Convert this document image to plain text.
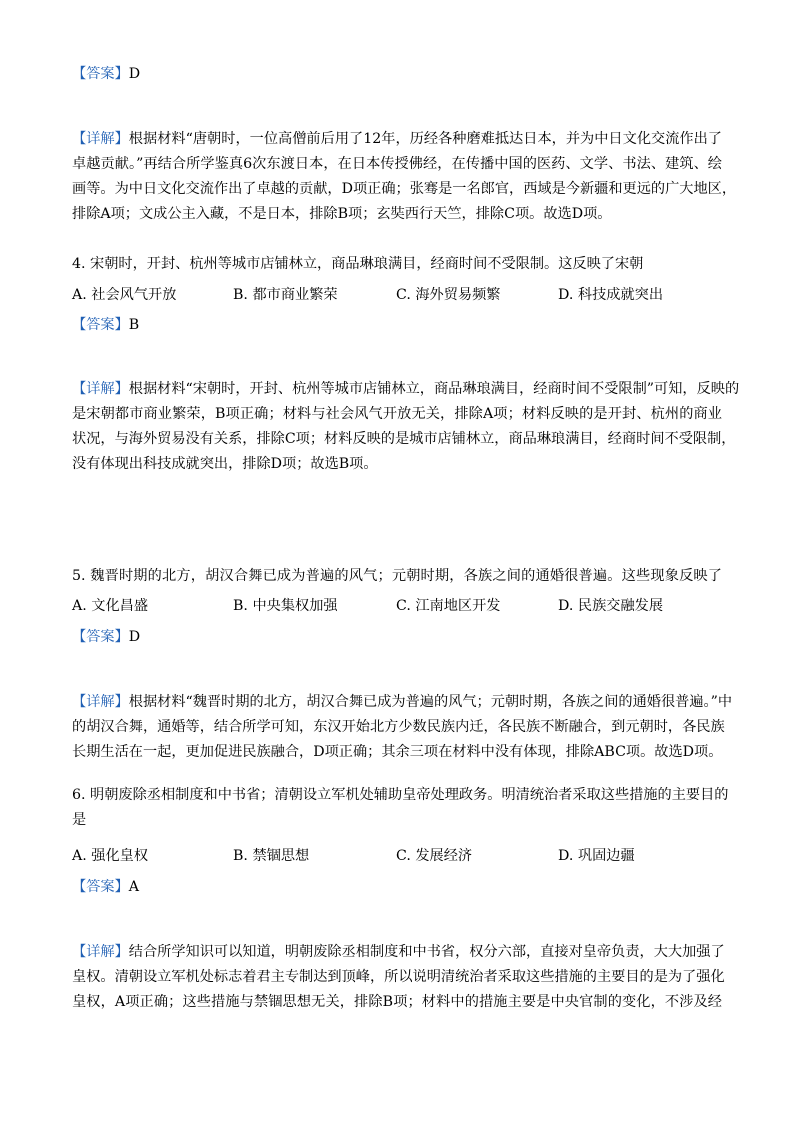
【答案】D
【详解】根据材料“唐朝时，一位高僧前后用了12年，历经各种磨难抵达日本，并为中日文化交流作出了
卓越贡献。”再结合所学鉴真6次东渡日本，在日本传授佛经，在传播中国的医药、文学、书法、建筑、绘
画等。为中日文化交流作出了卓越的贡献，D项正确；张骞是一名郎官，西域是今新疆和更远的广大地区，
排除A项；文成公主入藏，不是日本，排除B项；玄奘西行天竺，排除C项。故选D项。
4. 宋朝时，开封、杭州等城市店铺林立，商品琳琅满目，经商时间不受限制。这反映了宋朝
A. 社会风气开放	B. 都市商业繁荣	C. 海外贸易频繁	D. 科技成就突出
【答案】B
【详解】根据材料“宋朝时，开封、杭州等城市店铺林立，商品琳琅满目，经商时间不受限制”可知，反映的
是宋朝都市商业繁荣，B项正确；材料与社会风气开放无关，排除A项；材料反映的是开封、杭州的商业
状况，与海外贸易没有关系，排除C项；材料反映的是城市店铺林立，商品琳琅满目，经商时间不受限制，
没有体现出科技成就突出，排除D项；故选B项。
5. 魏晋时期的北方，胡汉合舞已成为普遍的风气；元朝时期，各族之间的通婚很普遍。这些现象反映了
A. 文化昌盛	B. 中央集权加强	C. 江南地区开发	D. 民族交融发展
【答案】D
【详解】根据材料“魏晋时期的北方，胡汉合舞已成为普遍的风气；元朝时期，各族之间的通婚很普遍。”中
的胡汉合舞，通婚等，结合所学可知，东汉开始北方少数民族内迁，各民族不断融合，到元朝时，各民族
长期生活在一起，更加促进民族融合，D项正确；其余三项在材料中没有体现，排除ABC项。故选D项。
6. 明朝废除丞相制度和中书省；清朝设立军机处辅助皇帝处理政务。明清统治者采取这些措施的主要目的
是
A. 强化皇权	B. 禁锢思想	C. 发展经济	D. 巩固边疆
【答案】A
【详解】结合所学知识可以知道，明朝废除丞相制度和中书省，权分六部，直接对皇帝负责，大大加强了
皇权。清朝设立军机处标志着君主专制达到顶峰，所以说明清统治者采取这些措施的主要目的是为了强化
皇权，A项正确；这些措施与禁锢思想无关，排除B项；材料中的措施主要是中央官制的变化，不涉及经
